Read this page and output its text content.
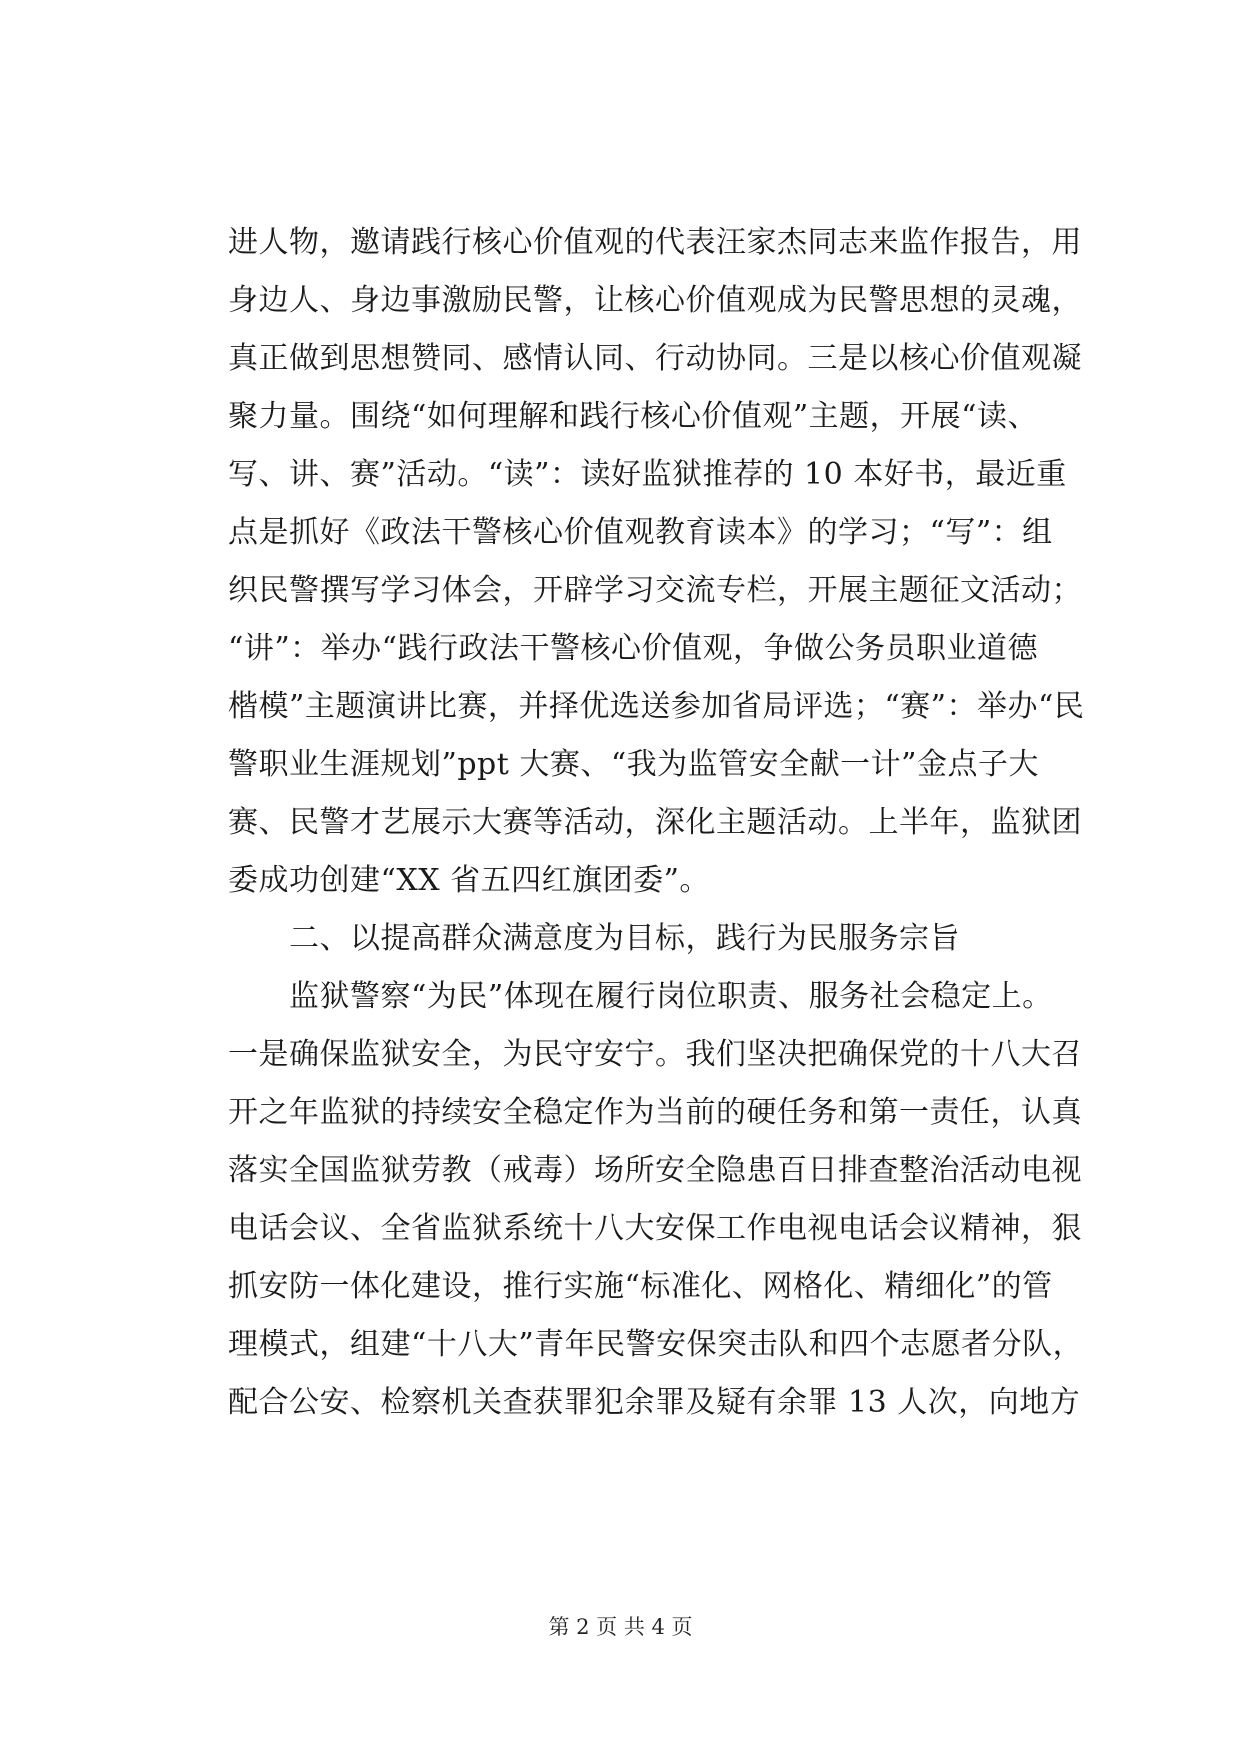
进人物，邀请践行核心价值观的代表汪家杰同志来监作报告，用
身边人、身边事激励民警，让核心价值观成为民警思想的灵魂，
真正做到思想赞同、感情认同、行动协同。三是以核心价值观凝
聚力量。围绕“如何理解和践行核心价值观”主题，开展“读、
写、讲、赛”活动。“读”：读好监狱推荐的 10 本好书，最近重
点是抓好《政法干警核心价值观教育读本》的学习；“写”：组
织民警撰写学习体会，开辟学习交流专栏，开展主题征文活动；
“讲”：举办“践行政法干警核心价值观，争做公务员职业道德
楷模”主题演讲比赛，并择优选送参加省局评选；“赛”：举办“民
警职业生涯规划”ppt 大赛、“我为监管安全献一计”金点子大
赛、民警才艺展示大赛等活动，深化主题活动。上半年，监狱团
委成功创建“XX 省五四红旗团委”。
二、以提高群众满意度为目标，践行为民服务宗旨
监狱警察“为民”体现在履行岗位职责、服务社会稳定上。
一是确保监狱安全，为民守安宁。我们坚决把确保党的十八大召
开之年监狱的持续安全稳定作为当前的硬任务和第一责任，认真
落实全国监狱劳教（戒毒）场所安全隐患百日排查整治活动电视
电话会议、全省监狱系统十八大安保工作电视电话会议精神，狠
抓安防一体化建设，推行实施“标准化、网格化、精细化”的管
理模式，组建“十八大”青年民警安保突击队和四个志愿者分队，
配合公安、检察机关查获罪犯余罪及疑有余罪 13 人次，向地方
第 2 页 共 4 页
